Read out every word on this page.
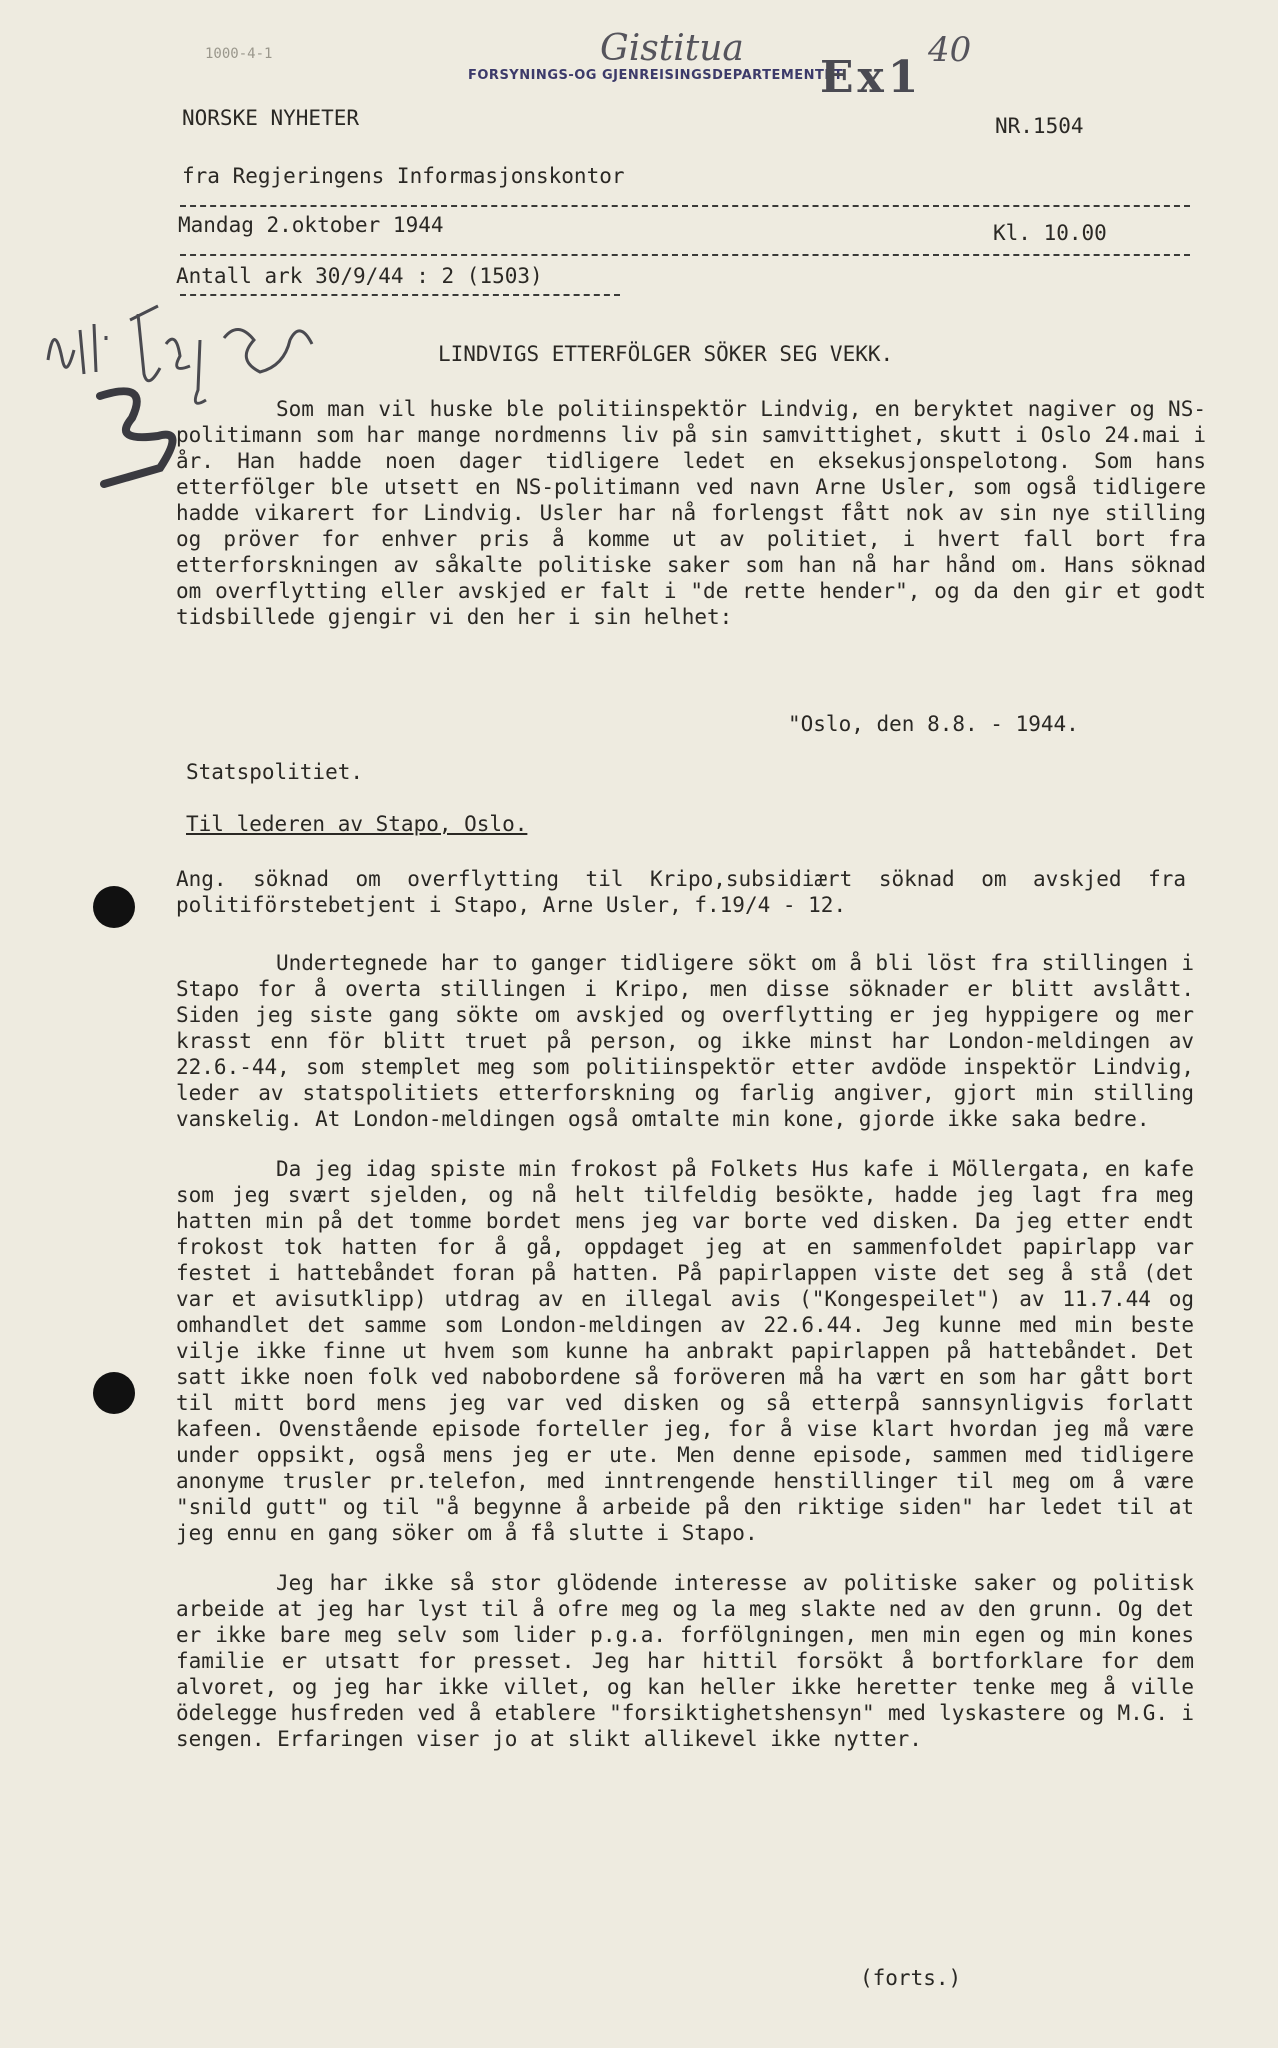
1000-4-1
FORSYNINGS-OG GJENREISINGSDEPARTEMENTET
Gistitua
Ex1
40
NORSKE NYHETER	NR.1504
fra Regjeringens Informasjonskontor
Mandag 2.oktober 1944	Kl. 10.00
Antall ark 30/9/44 : 2 (1503)
LINDVIGS ETTERFÖLGER SÖKER SEG VEKK.

Som man vil huske ble politiinspektör Lindvig, en beryktet nagiver og NS-politimann som har mange nordmenns liv på sin samvittighet, skutt i Oslo 24.mai i år. Han hadde noen dager tidligere ledet en eksekusjonspelotong. Som hans etterfölger ble utsett en NS-politimann ved navn Arne Usler, som også tidligere hadde vikarert for Lindvig. Usler har nå forlengst fått nok av sin nye stilling og pröver for enhver pris å komme ut av politiet, i hvert fall bort fra etterforskningen av såkalte politiske saker som han nå har hånd om. Hans söknad om overflytting eller avskjed er falt i "de rette hender", og da den gir et godt tidsbillede gjengir vi den her i sin helhet:

"Oslo, den 8.8. - 1944.
Statspolitiet.
Til lederen av Stapo, Oslo.

Ang. söknad om overflytting til Kripo,subsidiært söknad om avskjed fra politiförstebetjent i Stapo, Arne Usler, f.19/4 - 12.

Undertegnede har to ganger tidligere sökt om å bli löst fra stillingen i Stapo for å overta stillingen i Kripo, men disse söknader er blitt avslått. Siden jeg siste gang sökte om avskjed og overflytting er jeg hyppigere og mer krasst enn för blitt truet på person, og ikke minst har London-meldingen av 22.6.-44, som stemplet meg som politiinspektör etter avdöde inspektör Lindvig, leder av statspolitiets etterforskning og farlig angiver, gjort min stilling vanskelig. At London-meldingen også omtalte min kone, gjorde ikke saka bedre.

Da jeg idag spiste min frokost på Folkets Hus kafe i Möllergata, en kafe som jeg svært sjelden, og nå helt tilfeldig besökte, hadde jeg lagt fra meg hatten min på det tomme bordet mens jeg var borte ved disken. Da jeg etter endt frokost tok hatten for å gå, oppdaget jeg at en sammenfoldet papirlapp var festet i hattebåndet foran på hatten. På papirlappen viste det seg å stå (det var et avisutklipp) utdrag av en illegal avis ("Kongespeilet") av 11.7.44 og omhandlet det samme som London-meldingen av 22.6.44. Jeg kunne med min beste vilje ikke finne ut hvem som kunne ha anbrakt papirlappen på hattebåndet. Det satt ikke noen folk ved nabobordene så foröveren må ha vært en som har gått bort til mitt bord mens jeg var ved disken og så etterpå sannsynligvis forlatt kafeen. Ovenstående episode forteller jeg, for å vise klart hvordan jeg må være under oppsikt, også mens jeg er ute. Men denne episode, sammen med tidligere anonyme trusler pr.telefon, med inntrengende henstillinger til meg om å være "snild gutt" og til "å begynne å arbeide på den riktige siden" har ledet til at jeg ennu en gang söker om å få slutte i Stapo.

Jeg har ikke så stor glödende interesse av politiske saker og politisk arbeide at jeg har lyst til å ofre meg og la meg slakte ned av den grunn. Og det er ikke bare meg selv som lider p.g.a. forfölgningen, men min egen og min kones familie er utsatt for presset. Jeg har hittil forsökt å bortforklare for dem alvoret, og jeg har ikke villet, og kan heller ikke heretter tenke meg å ville ödelegge husfreden ved å etablere "forsiktighetshensyn" med lyskastere og M.G. i sengen. Erfaringen viser jo at slikt allikevel ikke nytter.

(forts.)
